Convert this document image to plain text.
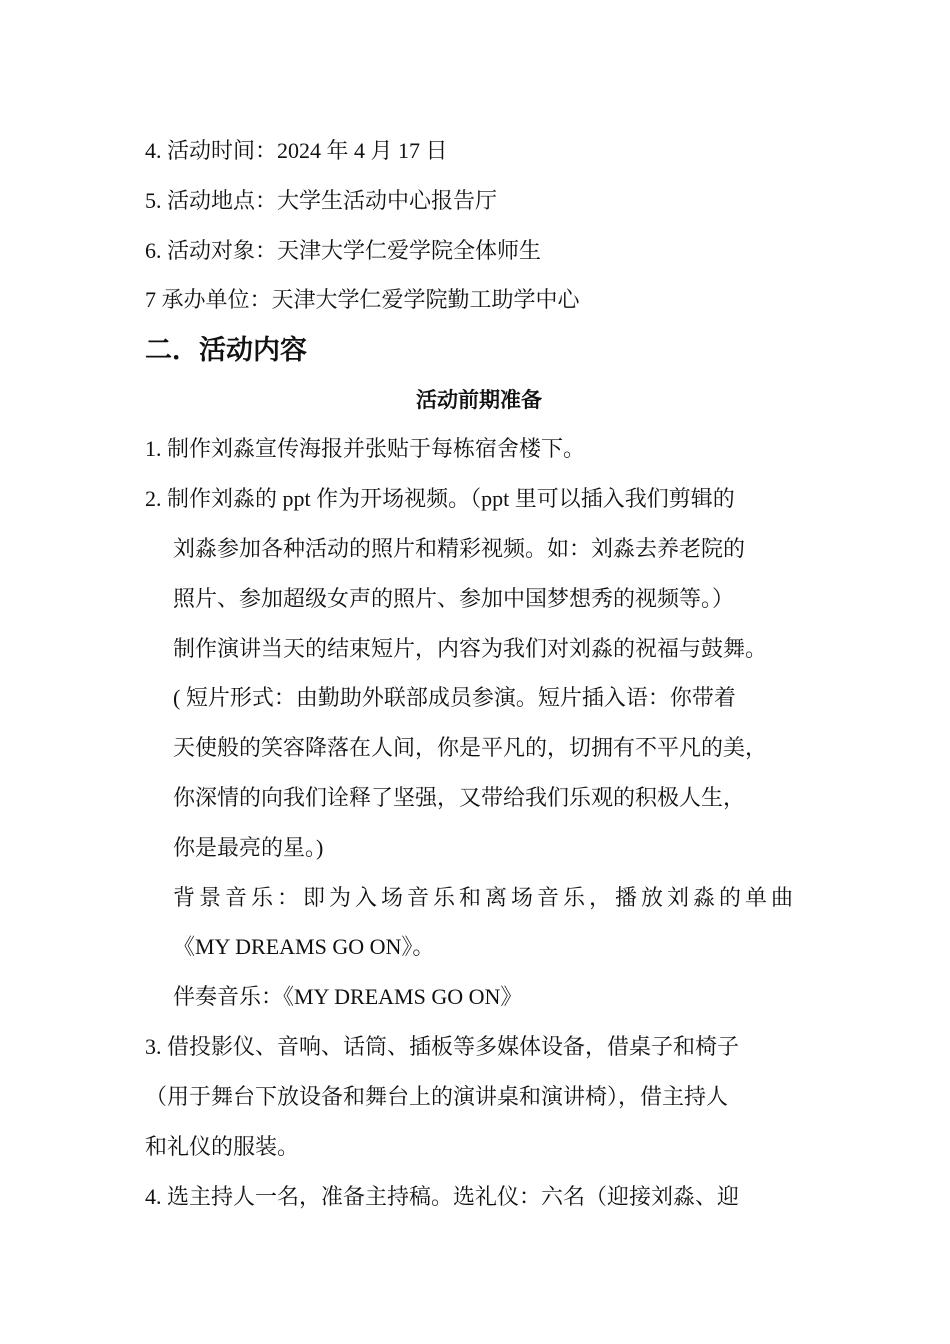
4. 活动时间：2024 年 4 月 17 日
5. 活动地点：大学生活动中心报告厅
6. 活动对象：天津大学仁爱学院全体师生
7 承办单位：天津大学仁爱学院勤工助学中心
二．活动内容
活动前期准备
1. 制作刘淼宣传海报并张贴于每栋宿舍楼下。
2. 制作刘淼的 ppt 作为开场视频。（ppt 里可以插入我们剪辑的
刘淼参加各种活动的照片和精彩视频。如：刘淼去养老院的
照片、参加超级女声的照片、参加中国梦想秀的视频等。）
制作演讲当天的结束短片，内容为我们对刘淼的祝福与鼓舞。
( 短片形式：由勤助外联部成员参演。短片插入语：你带着
天使般的笑容降落在人间，你是平凡的，切拥有不平凡的美，
你深情的向我们诠释了坚强，又带给我们乐观的积极人生，
你是最亮的星。)
背景音乐：即为入场音乐和离场音乐，播放刘淼的单曲
《MY DREAMS GO ON》。
伴奏音乐：《MY DREAMS GO ON》
3. 借投影仪、音响、话筒、插板等多媒体设备，借桌子和椅子
（用于舞台下放设备和舞台上的演讲桌和演讲椅），借主持人
和礼仪的服装。
4. 选主持人一名，准备主持稿。选礼仪：六名（迎接刘淼、迎
